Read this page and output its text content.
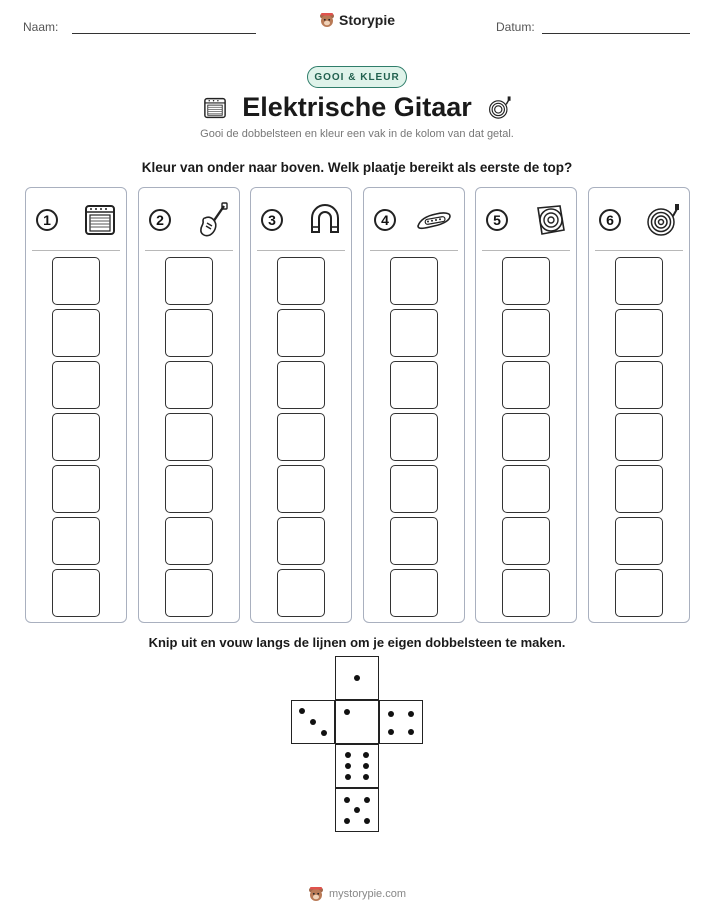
Naam:	Storypie	Datum:
GOOI & KLEUR
Elektrische Gitaar
Gooi de dobbelsteen en kleur een vak in de kolom van dat getal.
Kleur van onder naar boven. Welk plaatje bereikt als eerste de top?
1	2	3	4	5	6
Knip uit en vouw langs de lijnen om je eigen dobbelsteen te maken.
mystorypie.com
